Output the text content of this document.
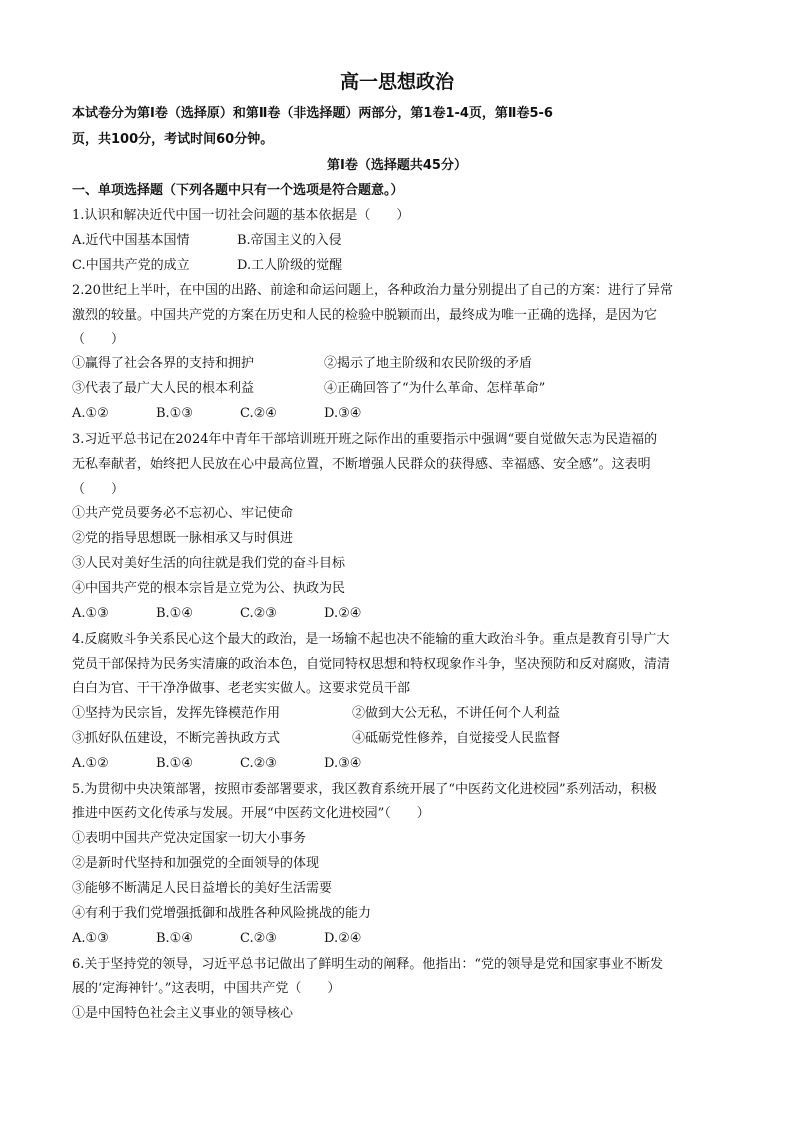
高一思想政治
本试卷分为第Ⅰ卷（选择原）和第Ⅱ卷（非选择题）两部分，第1卷1-4页，第Ⅱ卷5-6
页，共100分，考试时间60分钟。
第Ⅰ卷（选择题共45分）
一、单项选择题（下列各题中只有一个选项是符合题意。）
1.认识和解决近代中国一切社会问题的基本依据是（　　）
A.近代中国基本国情	B.帝国主义的入侵
C.中国共产党的成立	D.工人阶级的觉醒
2.20世纪上半叶，在中国的出路、前途和命运问题上，各种政治力量分别提出了自己的方案：进行了异常
激烈的较量。中国共产党的方案在历史和人民的检验中脱颖而出，最终成为唯一正确的选择，是因为它
（　　）
①赢得了社会各界的支持和拥护	②揭示了地主阶级和农民阶级的矛盾
③代表了最广大人民的根本利益	④正确回答了“为什么革命、怎样革命”
A.①②	B.①③	C.②④	D.③④
3.习近平总书记在2024年中青年干部培训班开班之际作出的重要指示中强调“要自觉做矢志为民造福的
无私奉献者，始终把人民放在心中最高位置，不断增强人民群众的获得感、幸福感、安全感”。这表明
（　　）
①共产党员要务必不忘初心、牢记使命
②党的指导思想既一脉相承又与时俱进
③人民对美好生活的向往就是我们党的奋斗目标
④中国共产党的根本宗旨是立党为公、执政为民
A.①③	B.①④	C.②③	D.②④
4.反腐败斗争关系民心这个最大的政治，是一场输不起也决不能输的重大政治斗争。重点是教育引导广大
党员干部保持为民务实清廉的政治本色，自觉同特权思想和特权现象作斗争，坚决预防和反对腐败，清清
白白为官、干干净净做事、老老实实做人。这要求党员干部
①坚持为民宗旨，发挥先锋模范作用	②做到大公无私，不讲任何个人利益
③抓好队伍建设，不断完善执政方式	④砥砺党性修养，自觉接受人民监督
A.①②	B.①④	C.②③	D.③④
5.为贯彻中央决策部署，按照市委部署要求，我区教育系统开展了“中医药文化进校园”系列活动，积极
推进中医药文化传承与发展。开展“中医药文化进校园”（　　）
①表明中国共产党决定国家一切大小事务
②是新时代坚持和加强党的全面领导的体现
③能够不断满足人民日益增长的美好生活需要
④有利于我们党增强抵御和战胜各种风险挑战的能力
A.①③	B.①④	C.②③	D.②④
6.关于坚持党的领导，习近平总书记做出了鲜明生动的阐释。他指出：“党的领导是党和国家事业不断发
展的‘定海神针’。”这表明，中国共产党（　　）
①是中国特色社会主义事业的领导核心
